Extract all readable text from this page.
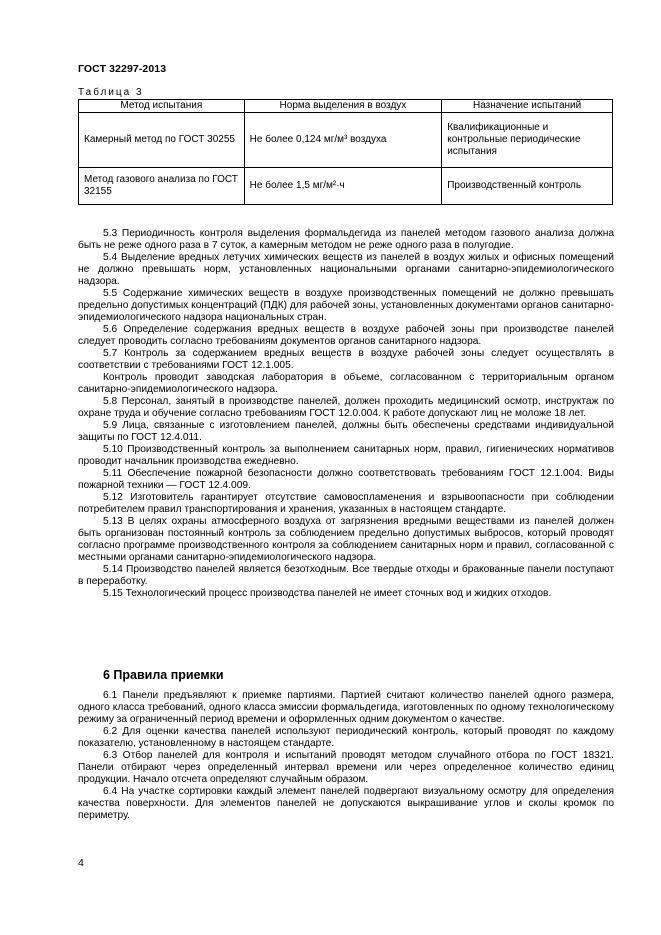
ГОСТ 32297-2013
Таблица 3
Метод испытания	Норма выделения в воздух	Назначение испытаний
Камерный метод по ГОСТ 30255	Не более 0,124 мг/м³ воздуха	Квалификационные и контрольные периодические испытания
Метод газового анализа по ГОСТ 32155	Не более 1,5 мг/м²·ч	Производственный контроль

5.3 Периодичность контроля выделения формальдегида из панелей методом газового анализа должна быть не реже одного раза в 7 суток, а камерным методом не реже одного раза в полугодие.

5.4 Выделение вредных летучих химических веществ из панелей в воздух жилых и офисных помещений не должно превышать норм, установленных национальными органами санитарно-эпидемиологического надзора.

5.5 Содержание химических веществ в воздухе производственных помещений не должно превышать предельно допустимых концентраций (ПДК) для рабочей зоны, установленных документами органов санитарно-эпидемиологического надзора национальных стран.

5.6 Определение содержания вредных веществ в воздухе рабочей зоны при производстве панелей следует проводить согласно требованиям документов органов санитарного надзора.

5.7 Контроль за содержанием вредных веществ в воздухе рабочей зоны следует осуществлять в соответствии с требованиями ГОСТ 12.1.005.

Контроль проводит заводская лаборатория в объеме, согласованном с территориальным органом санитарно-эпидемиологического надзора.

5.8 Персонал, занятый в производстве панелей, должен проходить медицинский осмотр, инструктаж по охране труда и обучение согласно требованиям ГОСТ 12.0.004. К работе допускают лиц не моложе 18 лет.

5.9 Лица, связанные с изготовлением панелей, должны быть обеспечены средствами индивидуальной защиты по ГОСТ 12.4.011.

5.10 Производственный контроль за выполнением санитарных норм, правил, гигиенических нормативов проводит начальник производства ежедневно.

5.11 Обеспечение пожарной безопасности должно соответствовать требованиям ГОСТ 12.1.004. Виды пожарной техники — ГОСТ 12.4.009.

5.12 Изготовитель гарантирует отсутствие самовоспламенения и взрывоопасности при соблюдении потребителем правил транспортирования и хранения, указанных в настоящем стандарте.

5.13 В целях охраны атмосферного воздуха от загрязнения вредными веществами из панелей должен быть организован постоянный контроль за соблюдением предельно допустимых выбросов, который проводят согласно программе производственного контроля за соблюдением санитарных норм и правил, согласованной с местными органами санитарно-эпидемиологического надзора.

5.14 Производство панелей является безотходным. Все твердые отходы и бракованные панели поступают в переработку.

5.15 Технологический процесс производства панелей не имеет сточных вод и жидких отходов.

6 Правила приемки

6.1 Панели предъявляют к приемке партиями. Партией считают количество панелей одного размера, одного класса требований, одного класса эмиссии формальдегида, изготовленных по одному технологическому режиму за ограниченный период времени и оформленных одним документом о качестве.

6.2 Для оценки качества панелей используют периодический контроль, который проводят по каждому показателю, установленному в настоящем стандарте.

6.3 Отбор панелей для контроля и испытаний проводят методом случайного отбора по ГОСТ 18321. Панели отбирают через определенный интервал времени или через определенное количество единиц продукции. Начало отсчета определяют случайным образом.

6.4 На участке сортировки каждый элемент панелей подвергают визуальному осмотру для определения качества поверхности. Для элементов панелей не допускаются выкрашивание углов и сколы кромок по периметру.

4
